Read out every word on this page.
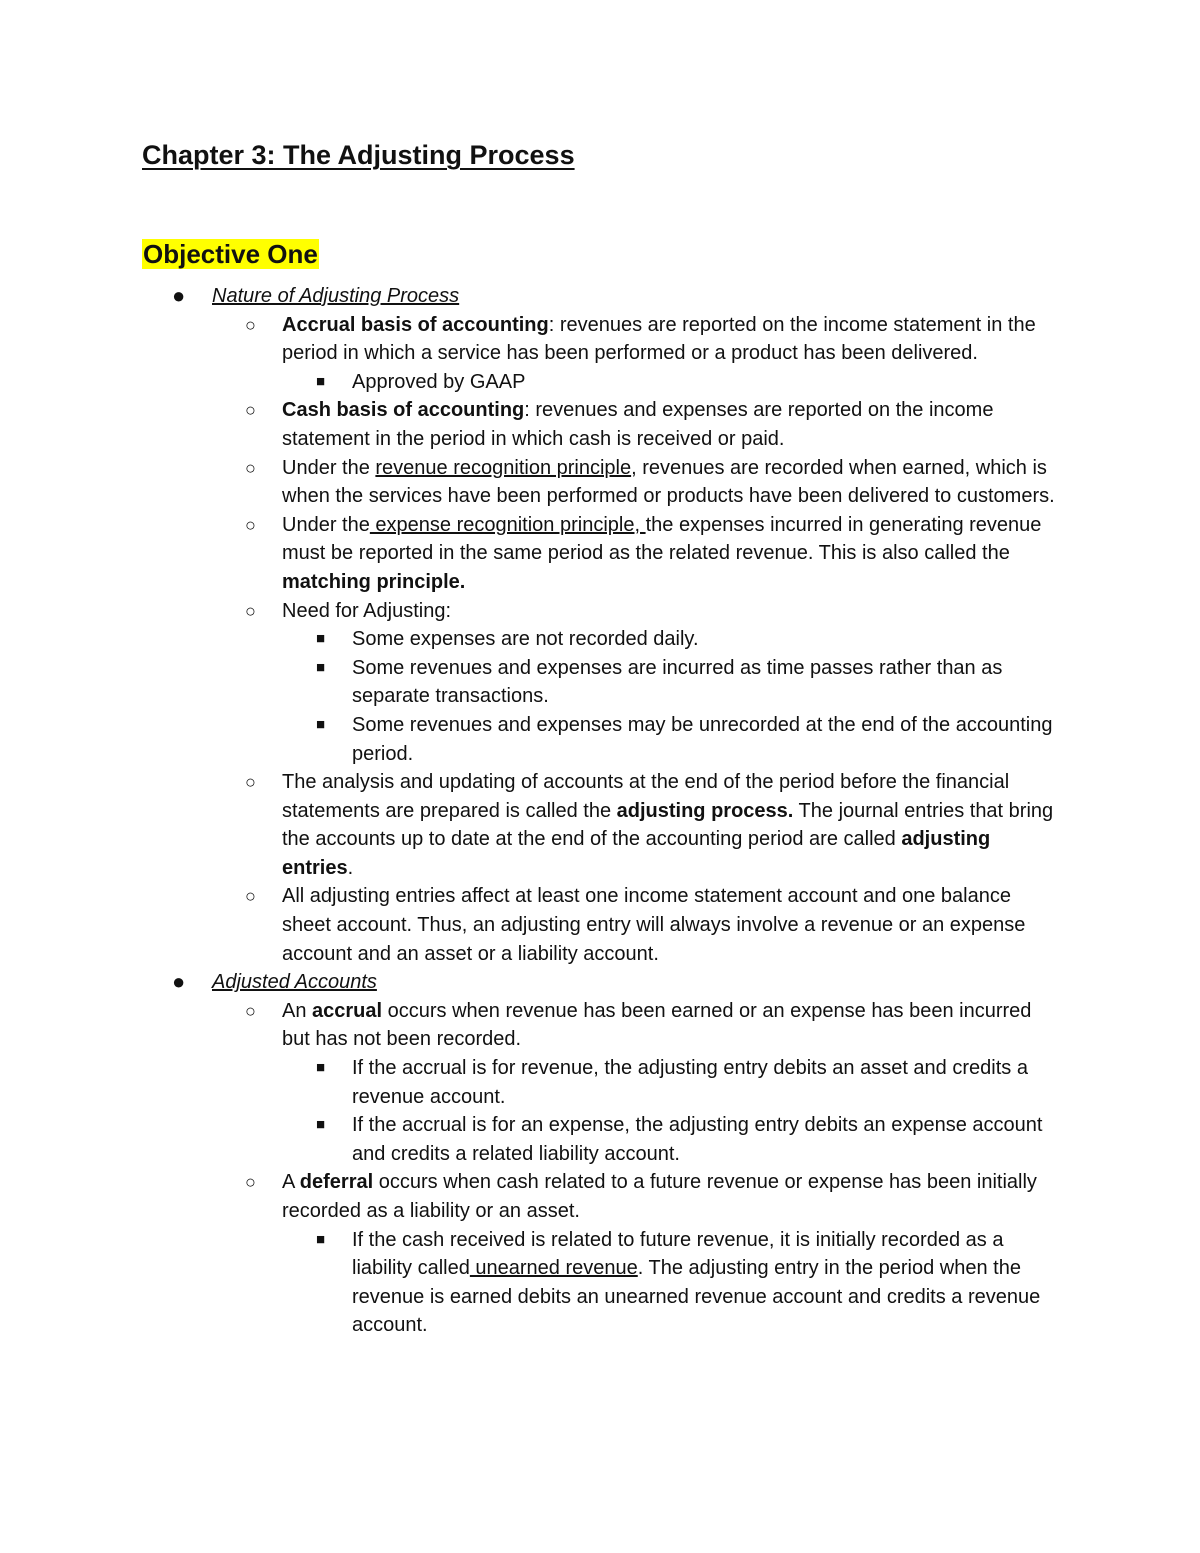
Chapter 3: The Adjusting Process
Objective One
● Nature of Adjusting Process
○ Accrual basis of accounting: revenues are reported on the income statement in the period in which a service has been performed or a product has been delivered.
■ Approved by GAAP
○ Cash basis of accounting: revenues and expenses are reported on the income statement in the period in which cash is received or paid.
○ Under the revenue recognition principle, revenues are recorded when earned, which is when the services have been performed or products have been delivered to customers.
○ Under the expense recognition principle, the expenses incurred in generating revenue must be reported in the same period as the related revenue. This is also called the matching principle.
○ Need for Adjusting:
■ Some expenses are not recorded daily.
■ Some revenues and expenses are incurred as time passes rather than as separate transactions.
■ Some revenues and expenses may be unrecorded at the end of the accounting period.
○ The analysis and updating of accounts at the end of the period before the financial statements are prepared is called the adjusting process. The journal entries that bring the accounts up to date at the end of the accounting period are called adjusting entries.
○ All adjusting entries affect at least one income statement account and one balance sheet account. Thus, an adjusting entry will always involve a revenue or an expense account and an asset or a liability account.
● Adjusted Accounts
○ An accrual occurs when revenue has been earned or an expense has been incurred but has not been recorded.
■ If the accrual is for revenue, the adjusting entry debits an asset and credits a revenue account.
■ If the accrual is for an expense, the adjusting entry debits an expense account and credits a related liability account.
○ A deferral occurs when cash related to a future revenue or expense has been initially recorded as a liability or an asset.
■ If the cash received is related to future revenue, it is initially recorded as a liability called unearned revenue. The adjusting entry in the period when the revenue is earned debits an unearned revenue account and credits a revenue account.
